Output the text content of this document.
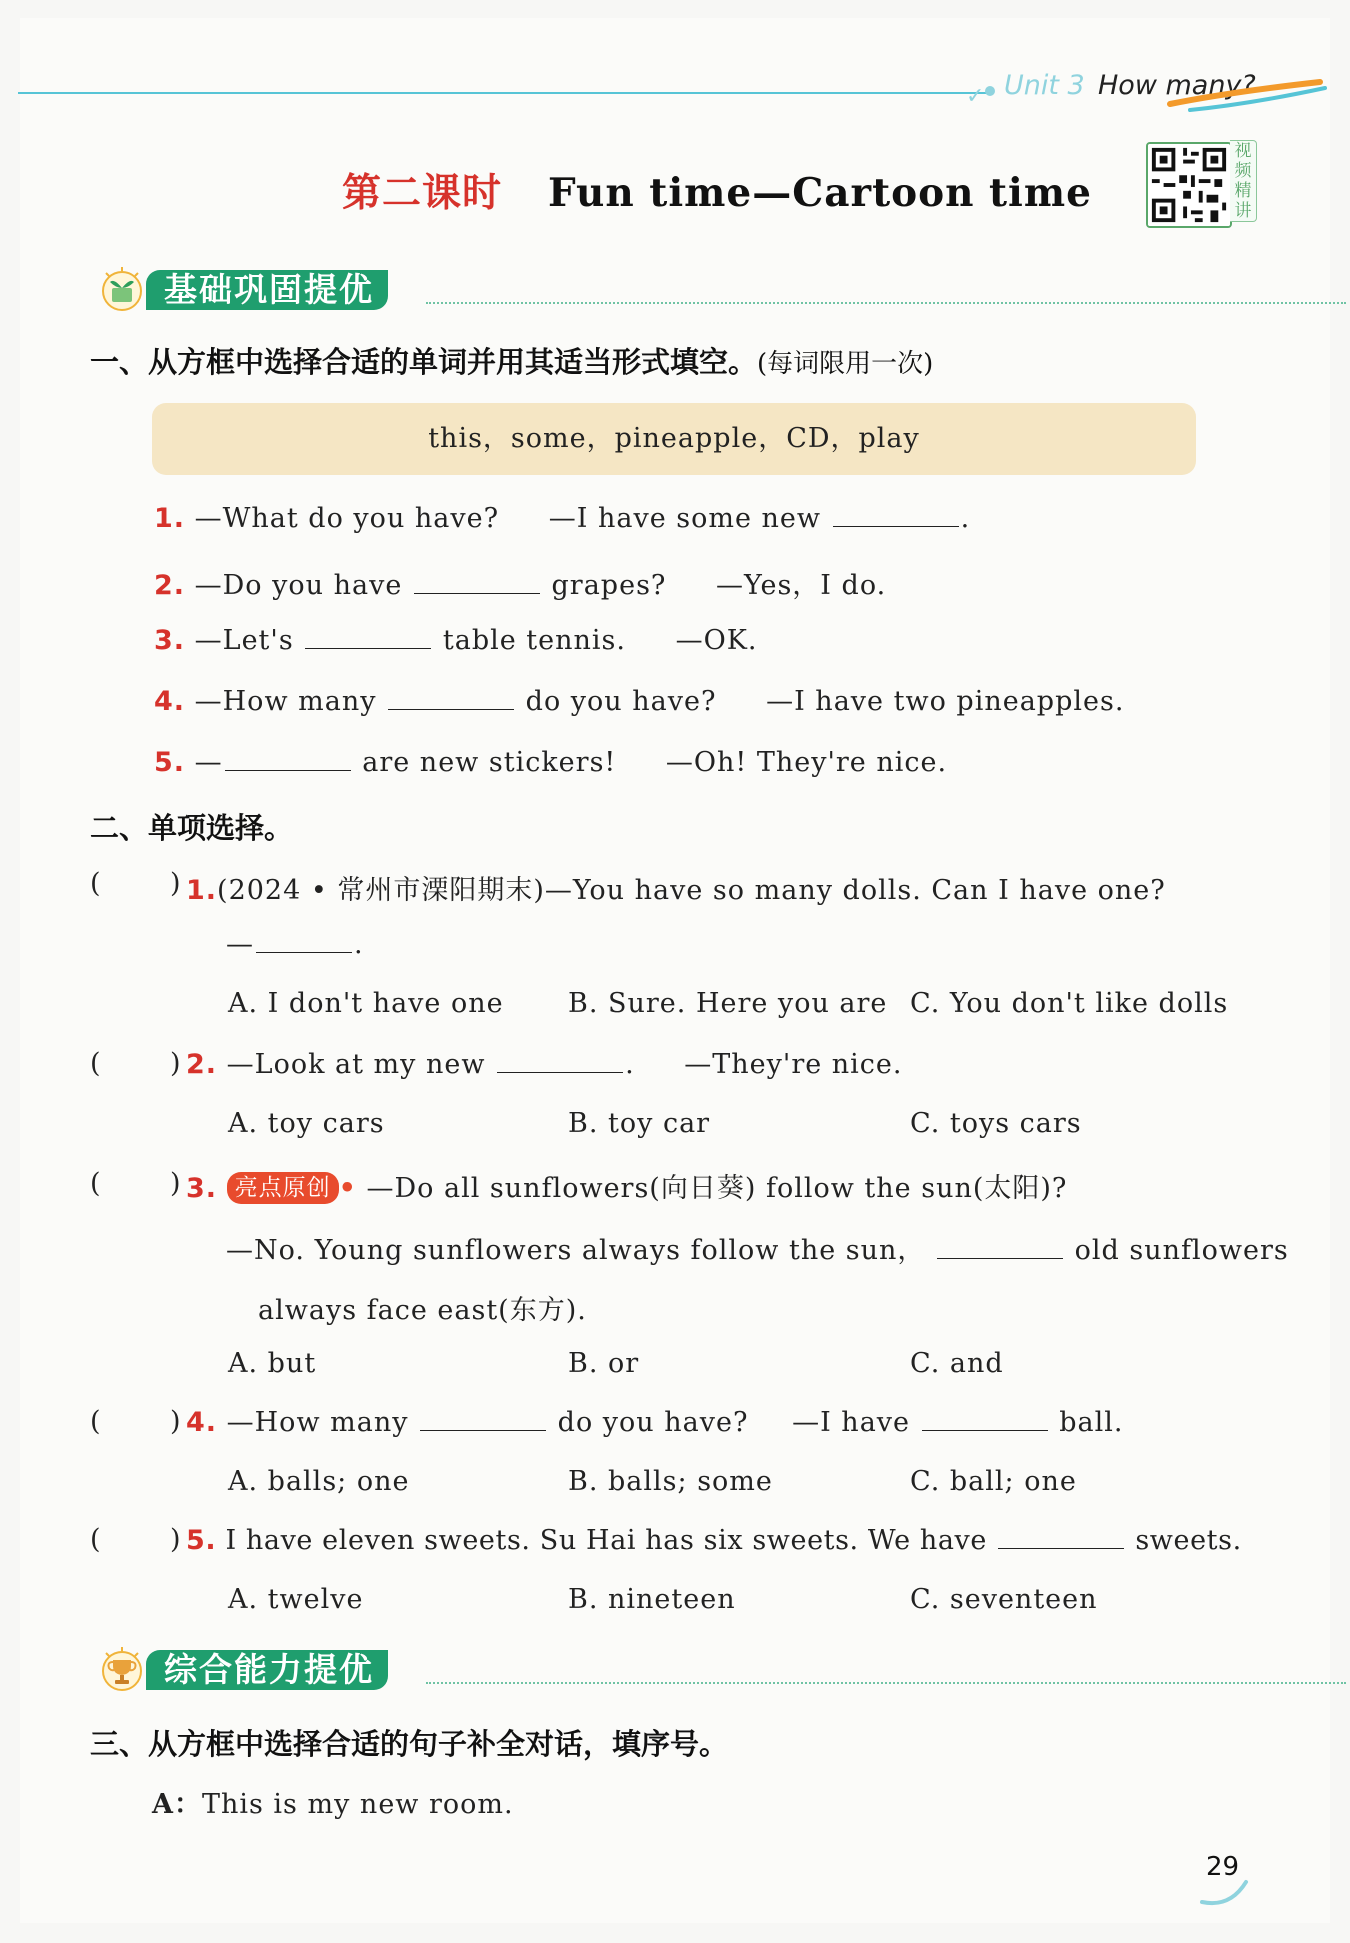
✓ Unit 3 How many?
第二课时 Fun time—Cartoon time
视频精讲
基础巩固提优
一、从方框中选择合适的单词并用其适当形式填空。(每词限用一次)
this，some，pineapple，CD，play
1. —What do you have? —I have some new	.
2. —Do you have	grapes? —Yes，I do.
3. —Let's	table tennis. —OK.
4. —How many	do you have? —I have two pineapples.
5. —	are new stickers! —Oh! They're nice.
二、单项选择。
(	) 1.(2024 • 常州市溧阳期末)—You have so many dolls. Can I have one?
—	.
A. I don't have one B. Sure. Here you are C. You don't like dolls
(	) 2. —Look at my new	. —They're nice.
A. toy cars	B. toy car	C. toys cars
(	) 3. 亮点原创 • —Do all sunflowers(向日葵) follow the sun(太阳)?
—No. Young sunflowers always follow the sun，	old sunflowers
always face east(东方).
A. but	B. or	C. and
(	) 4. —How many	do you have? —I have	ball.
A. balls; one	B. balls; some	C. ball; one
(	) 5. I have eleven sweets. Su Hai has six sweets. We have	sweets.
A. twelve	B. nineteen	C. seventeen
综合能力提优
三、从方框中选择合适的句子补全对话，填序号。
A：This is my new room.
29
